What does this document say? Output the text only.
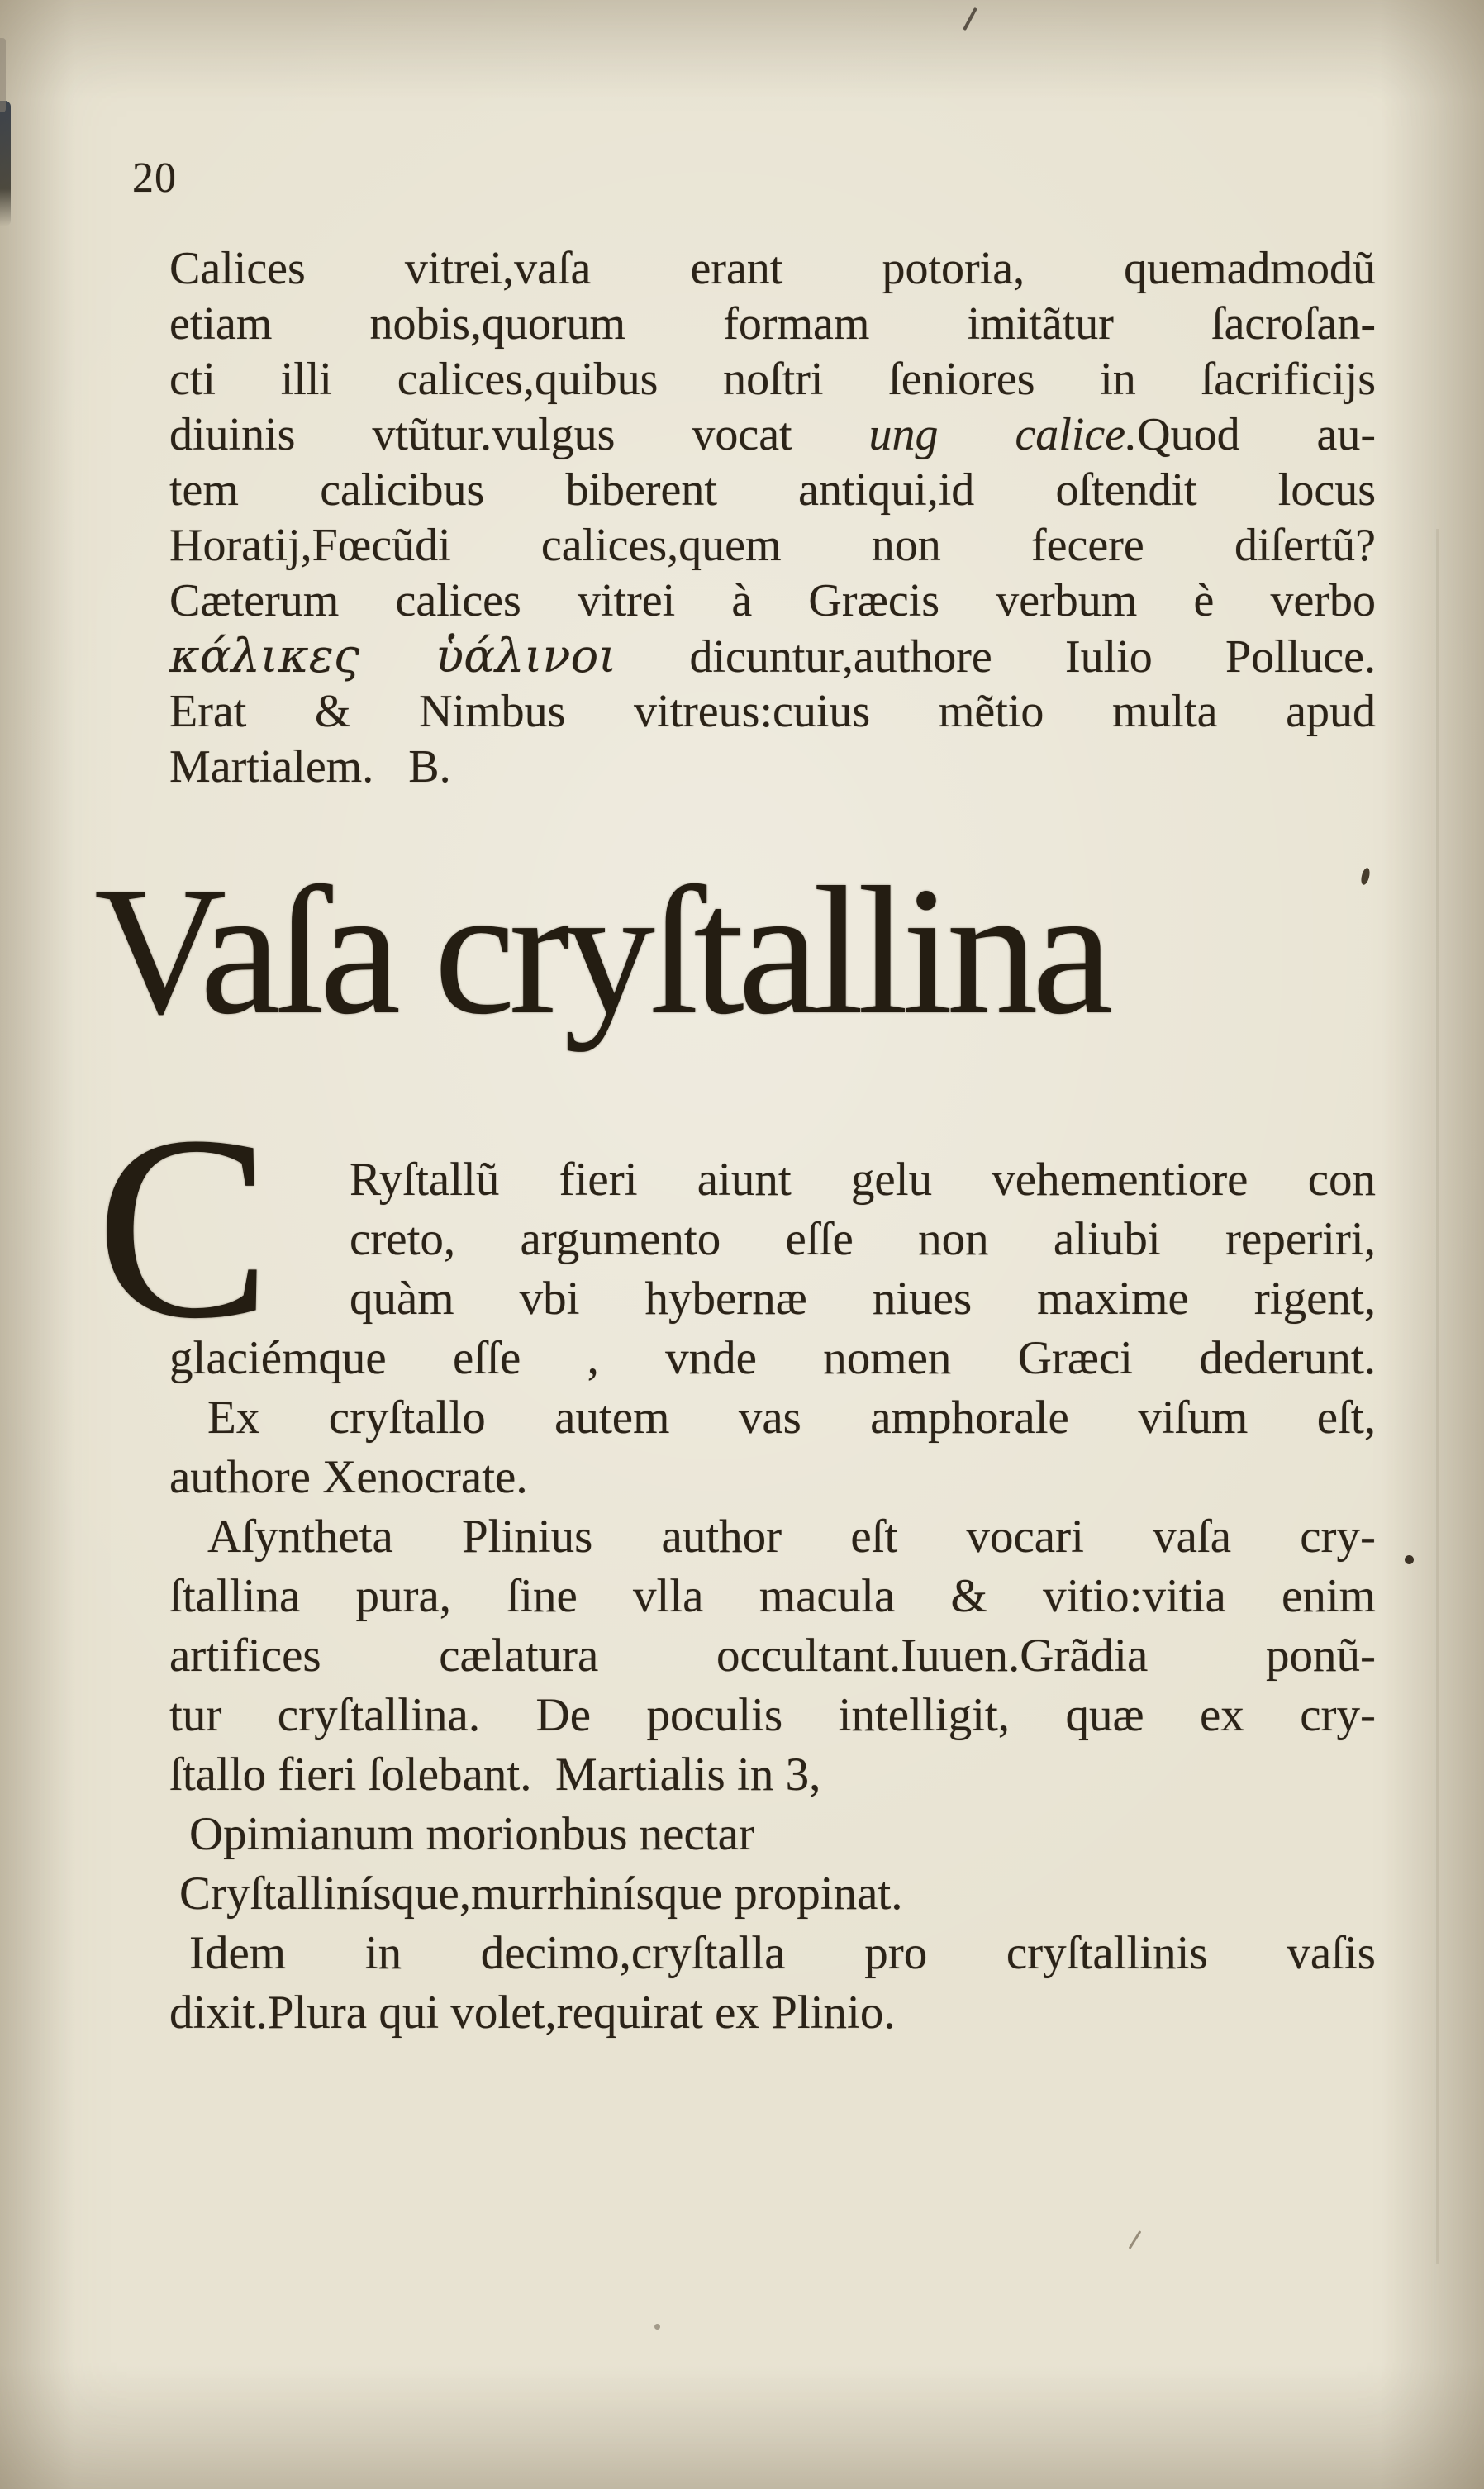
20
Calices vitrei,vaſa erant potoria, quemadmodũ
etiam nobis,quorum formam imitãtur ſacroſan-
cti illi calices,quibus noſtri ſeniores in ſacrificijs
diuinis vtũtur.vulgus vocat ung calice.Quod au-
tem calicibus biberent antiqui,id oſtendit locus
Horatij,Fœcũdi calices,quem non fecere diſertũ?
Cæterum calices vitrei à Græcis verbum è verbo
κάλικες ὑάλινοι dicuntur,authore Iulio Polluce.
Erat & Nimbus vitreus:cuius mẽtio multa apud
Martialem.   B.
Vaſa cryſtallina
C	Ryſtallũ fieri aiunt gelu vehementiore con
creto, argumento eſſe non aliubi reperiri,
quàm vbi hybernæ niues maxime rigent,
glaciémque eſſe , vnde nomen Græci dederunt.
Ex cryſtallo autem vas amphorale viſum eſt,
authore Xenocrate.
Aſyntheta Plinius author eſt vocari vaſa cry-
ſtallina pura, ſine vlla macula & vitio:vitia enim
artifices cælatura occultant.Iuuen.Grãdia ponũ-
tur cryſtallina. De poculis intelligit, quæ ex cry-
ſtallo fieri ſolebant.  Martialis in 3,
Opimianum morionbus nectar
Cryſtallinísque,murrhinísque propinat.
Idem in decimo,cryſtalla pro cryſtallinis vaſis
dixit.Plura qui volet,requirat ex Plinio.
